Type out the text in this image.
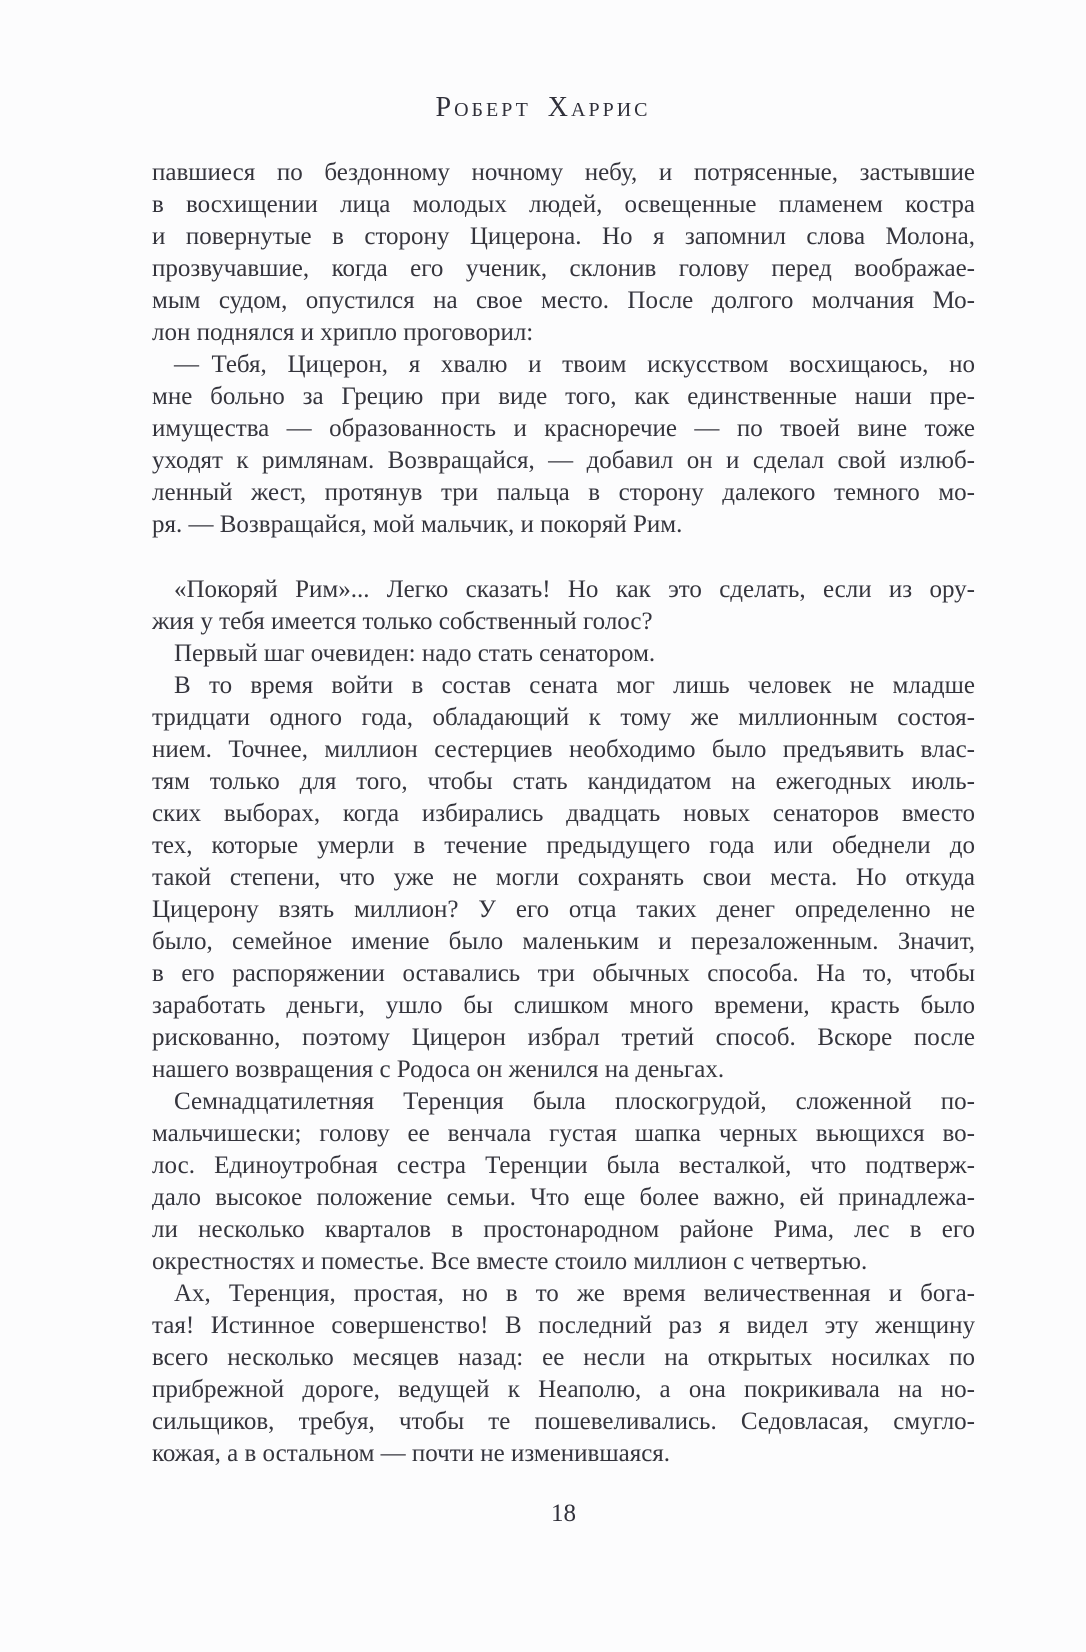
Роберт Харрис
павшиеся по бездонному ночному небу, и потрясенные, застывшие
в восхищении лица молодых людей, освещенные пламенем костра
и повернутые в сторону Цицерона. Но я запомнил слова Молона,
прозвучавшие, когда его ученик, склонив голову перед воображае-
мым судом, опустился на свое место. После долгого молчания Мо-
лон поднялся и хрипло проговорил:
— Тебя, Цицерон, я хвалю и твоим искусством восхищаюсь, но
мне больно за Грецию при виде того, как единственные наши пре-
имущества — образованность и красноречие — по твоей вине тоже
уходят к римлянам. Возвращайся, — добавил он и сделал свой излюб-
ленный жест, протянув три пальца в сторону далекого темного мо-
ря. — Возвращайся, мой мальчик, и покоряй Рим.
«Покоряй Рим»... Легко сказать! Но как это сделать, если из ору-
жия у тебя имеется только собственный голос?
Первый шаг очевиден: надо стать сенатором.
В то время войти в состав сената мог лишь человек не младше
тридцати одного года, обладающий к тому же миллионным состоя-
нием. Точнее, миллион сестерциев необходимо было предъявить влас-
тям только для того, чтобы стать кандидатом на ежегодных июль-
ских выборах, когда избирались двадцать новых сенаторов вместо
тех, которые умерли в течение предыдущего года или обеднели до
такой степени, что уже не могли сохранять свои места. Но откуда
Цицерону взять миллион? У его отца таких денег определенно не
было, семейное имение было маленьким и перезаложенным. Значит,
в его распоряжении оставались три обычных способа. На то, чтобы
заработать деньги, ушло бы слишком много времени, красть было
рискованно, поэтому Цицерон избрал третий способ. Вскоре после
нашего возвращения с Родоса он женился на деньгах.
Семнадцатилетняя Теренция была плоскогрудой, сложенной по-
мальчишески; голову ее венчала густая шапка черных вьющихся во-
лос. Единоутробная сестра Теренции была весталкой, что подтверж-
дало высокое положение семьи. Что еще более важно, ей принадлежа-
ли несколько кварталов в простонародном районе Рима, лес в его
окрестностях и поместье. Все вместе стоило миллион с четвертью.
Ах, Теренция, простая, но в то же время величественная и бога-
тая! Истинное совершенство! В последний раз я видел эту женщину
всего несколько месяцев назад: ее несли на открытых носилках по
прибрежной дороге, ведущей к Неаполю, а она покрикивала на но-
сильщиков, требуя, чтобы те пошевеливались. Седовласая, смугло-
кожая, а в остальном — почти не изменившаяся.
18
